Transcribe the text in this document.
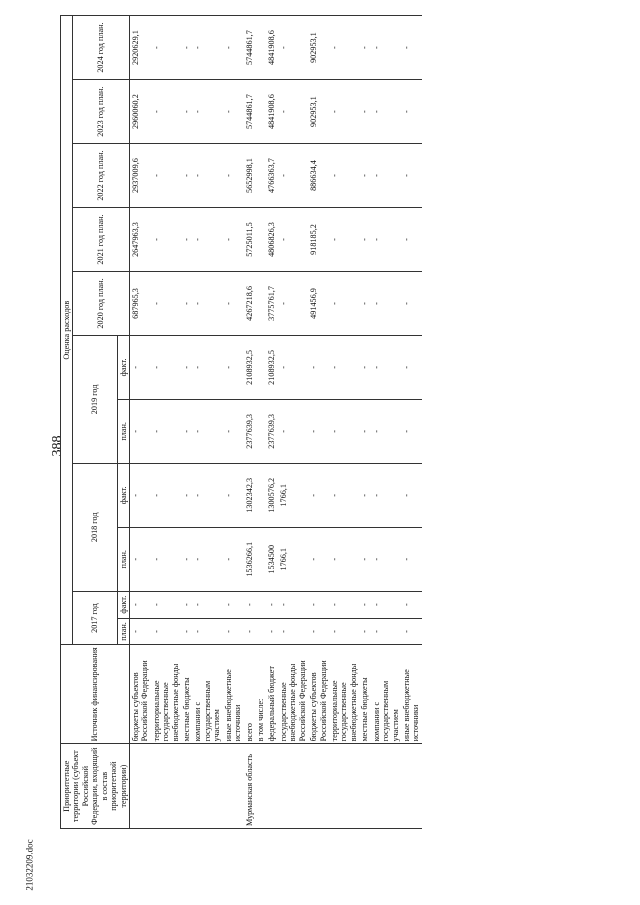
388
Приоритетные территории (субъект Российской Федерации, входящий в состав приоритетной территории)	Источник финансирования	Оценка расходов										
		2017 год		2018 год		2019 год		2020 год план.	2021 год план.	2022 год план.	2023 год план.	2024 год план.
		план.	факт.	план.	факт.	план.	факт.					
	бюджеты субъектов Российской Федерации	-	-	-	-	-	-	687965,3	2647963,3	2937009,6	2960060,2	2920629,1
	территориальные государственные внебюджетные фонды	-	-	-	-	-	-	-	-	-	-	-
	местные бюджеты	-	-	-	-	-	-	-	-	-	-	-
	компании с государственным участием	-	-	-	-	-	-	-	-	-	-	-
	иные внебюджетные источники	-	-	-	-	-	-	-	-	-	-	-
Мурманская область	всего	-	-	1536266,1	1302342,3	2377639,3	2108932,5	4267218,6	5725011,5	5652998,1	5744861,7	5744861,7
	в том числе:											
	федеральный бюджет	-	-	1534500	1300576,2	2377639,3	2108932,5	3775761,7	4806826,3	4766363,7	4841908,6	4841908,6
	государственные внебюджетные фонды Российской Федерации	-	-	1766,1	1766,1	-	-	-	-	-	-	-
	бюджеты субъектов Российской Федерации	-	-	-	-	-	-	491456,9	918185,2	886634,4	902953,1	902953,1
	территориальные государственные внебюджетные фонды	-	-	-	-	-	-	-	-	-	-	-
	местные бюджеты	-	-	-	-	-	-	-	-	-	-	-
	компании с государственным участием	-	-	-	-	-	-	-	-	-	-	-
	иные внебюджетные источники	-	-	-	-	-	-	-	-	-	-	-
21032209.doc
